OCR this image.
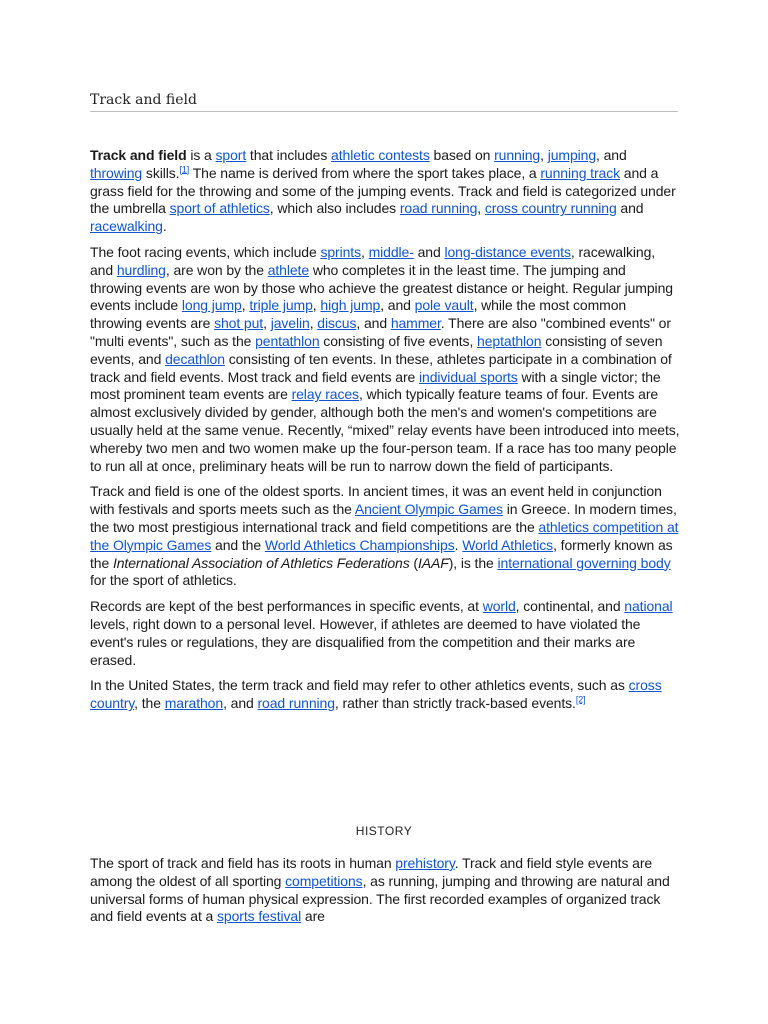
Track and field

Track and field is a sport that includes athletic contests based on running, jumping, and throwing skills.[1] The name is derived from where the sport takes place, a running track and a grass field for the throwing and some of the jumping events. Track and field is categorized under the umbrella sport of athletics, which also includes road running, cross country running and racewalking.

The foot racing events, which include sprints, middle- and long-distance events, racewalking, and hurdling, are won by the athlete who completes it in the least time. The jumping and throwing events are won by those who achieve the greatest distance or height. Regular jumping events include long jump, triple jump, high jump, and pole vault, while the most common throwing events are shot put, javelin, discus, and hammer. There are also "combined events" or "multi events", such as the pentathlon consisting of five events, heptathlon consisting of seven events, and decathlon consisting of ten events. In these, athletes participate in a combination of track and field events. Most track and field events are individual sports with a single victor; the most prominent team events are relay races, which typically feature teams of four. Events are almost exclusively divided by gender, although both the men's and women's competitions are usually held at the same venue. Recently, “mixed” relay events have been introduced into meets, whereby two men and two women make up the four-person team. If a race has too many people to run all at once, preliminary heats will be run to narrow down the field of participants.

Track and field is one of the oldest sports. In ancient times, it was an event held in conjunction with festivals and sports meets such as the Ancient Olympic Games in Greece. In modern times, the two most prestigious international track and field competitions are the athletics competition at the Olympic Games and the World Athletics Championships. World Athletics, formerly known as the International Association of Athletics Federations (IAAF), is the international governing body for the sport of athletics.

Records are kept of the best performances in specific events, at world, continental, and national levels, right down to a personal level. However, if athletes are deemed to have violated the event's rules or regulations, they are disqualified from the competition and their marks are erased.

In the United States, the term track and field may refer to other athletics events, such as cross country, the marathon, and road running, rather than strictly track-based events.[2]

HISTORY

The sport of track and field has its roots in human prehistory. Track and field style events are among the oldest of all sporting competitions, as running, jumping and throwing are natural and universal forms of human physical expression. The first recorded examples of organized track and field events at a sports festival are
